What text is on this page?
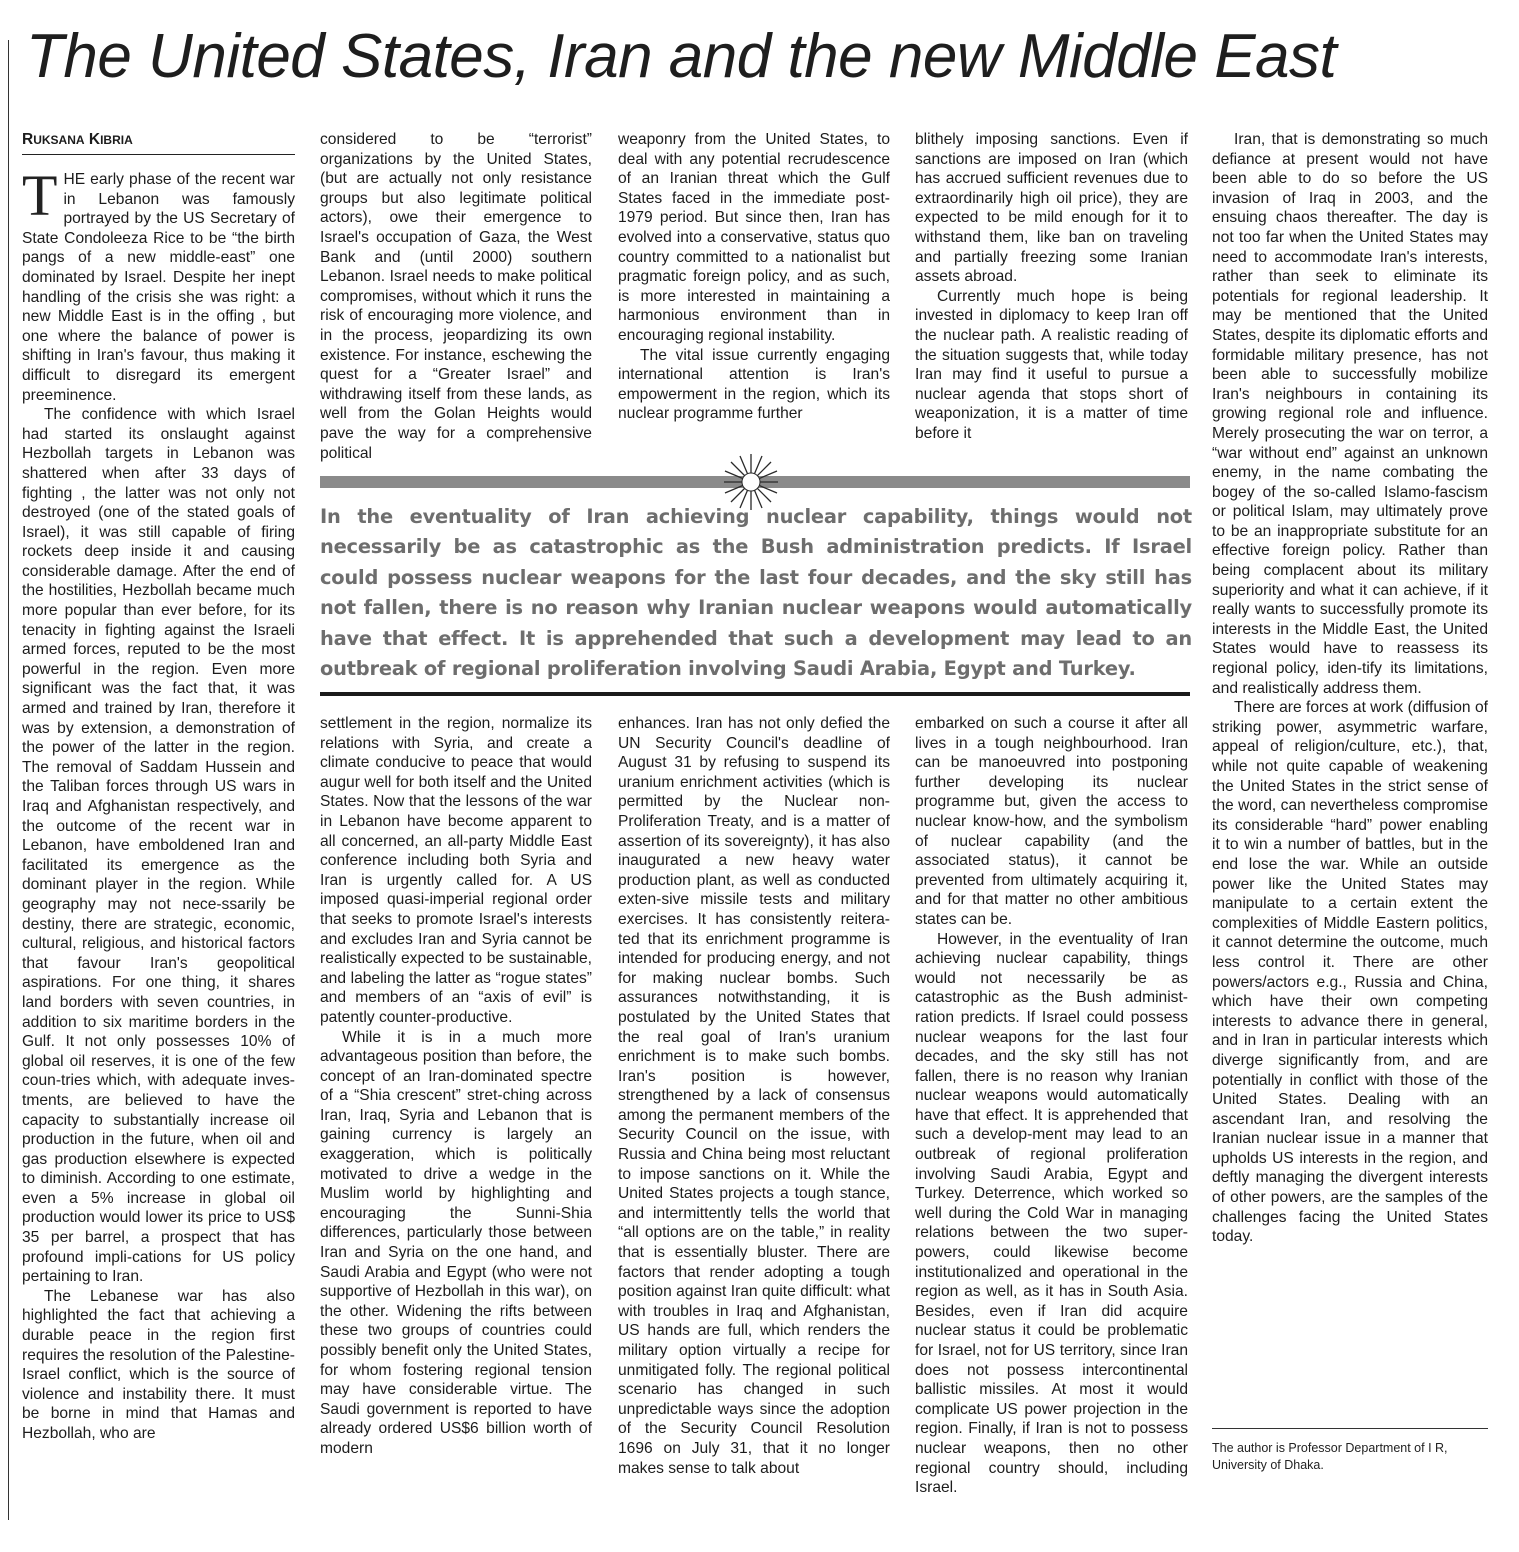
The United States, Iran and the new Middle East
RUKSANA KIBRIA

THE early phase of the recent war in Lebanon was famously portrayed by the US Secretary of State Condoleeza Rice to be “the birth pangs of a new middle-east” one dominated by Israel. Despite her inept handling of the crisis she was right: a new Middle East is in the offing , but one where the balance of power is shifting in Iran's favour, thus making it difficult to disregard its emergent preeminence.

The confidence with which Israel had started its onslaught against Hezbollah targets in Lebanon was shattered when after 33 days of fighting , the latter was not only not destroyed (one of the stated goals of Israel), it was still capable of firing rockets deep inside it and causing considerable damage. After the end of the hostilities, Hezbollah became much more popular than ever before, for its tenacity in fighting against the Israeli armed forces, reputed to be the most powerful in the region. Even more significant was the fact that, it was armed and trained by Iran, therefore it was by extension, a demonstration of the power of the latter in the region. The removal of Saddam Hussein and the Taliban forces through US wars in Iraq and Afghanistan respectively, and the outcome of the recent war in Lebanon, have emboldened Iran and facilitated its emergence as the dominant player in the region. While geography may not nece-ssarily be destiny, there are strategic, economic, cultural, religious, and historical factors that favour Iran's geopolitical aspirations. For one thing, it shares land borders with seven countries, in addition to six maritime borders in the Gulf. It not only possesses 10% of global oil reserves, it is one of the few coun-tries which, with adequate inves-tments, are believed to have the capacity to substantially increase oil production in the future, when oil and gas production elsewhere is expected to diminish. According to one estimate, even a 5% increase in global oil production would lower its price to US$ 35 per barrel, a prospect that has profound impli-cations for US policy pertaining to Iran.

The Lebanese war has also highlighted the fact that achieving a durable peace in the region first requires the resolution of the Palestine-Israel conflict, which is the source of violence and instability there. It must be borne in mind that Hamas and Hezbollah, who are

considered to be “terrorist” organizations by the United States, (but are actually not only resistance groups but also legitimate political actors), owe their emergence to Israel's occupation of Gaza, the West Bank and (until 2000) southern Lebanon. Israel needs to make political compromises, without which it runs the risk of encouraging more violence, and in the process, jeopardizing its own existence. For instance, eschewing the quest for a “Greater Israel” and withdrawing itself from these lands, as well from the Golan Heights would pave the way for a comprehensive political

weaponry from the United States, to deal with any potential recrudescence of an Iranian threat which the Gulf States faced in the immediate post-1979 period. But since then, Iran has evolved into a conservative, status quo country committed to a nationalist but pragmatic foreign policy, and as such, is more interested in maintaining a harmonious environment than in encouraging regional instability.

The vital issue currently engaging international attention is Iran's empowerment in the region, which its nuclear programme further

blithely imposing sanctions. Even if sanctions are imposed on Iran (which has accrued sufficient revenues due to extraordinarily high oil price), they are expected to be mild enough for it to withstand them, like ban on traveling and partially freezing some Iranian assets abroad.

Currently much hope is being invested in diplomacy to keep Iran off the nuclear path. A realistic reading of the situation suggests that, while today Iran may find it useful to pursue a nuclear agenda that stops short of weaponization, it is a matter of time before it

In the eventuality of Iran achieving nuclear capability, things would not necessarily be as catastrophic as the Bush administration predicts. If Israel could possess nuclear weapons for the last four decades, and the sky still has not fallen, there is no reason why Iranian nuclear weapons would automatically have that effect. It is apprehended that such a development may lead to an outbreak of regional proliferation involving Saudi Arabia, Egypt and Turkey.

settlement in the region, normalize its relations with Syria, and create a climate conducive to peace that would augur well for both itself and the United States. Now that the lessons of the war in Lebanon have become apparent to all concerned, an all-party Middle East conference including both Syria and Iran is urgently called for. A US imposed quasi-imperial regional order that seeks to promote Israel's interests and excludes Iran and Syria cannot be realistically expected to be sustainable, and labeling the latter as “rogue states” and members of an “axis of evil” is patently counter-productive.

While it is in a much more advantageous position than before, the concept of an Iran-dominated spectre of a “Shia crescent” stret-ching across Iran, Iraq, Syria and Lebanon that is gaining currency is largely an exaggeration, which is politically motivated to drive a wedge in the Muslim world by highlighting and encouraging the Sunni-Shia differences, particularly those between Iran and Syria on the one hand, and Saudi Arabia and Egypt (who were not supportive of Hezbollah in this war), on the other. Widening the rifts between these two groups of countries could possibly benefit only the United States, for whom fostering regional tension may have considerable virtue. The Saudi government is reported to have already ordered US$6 billion worth of modern

enhances. Iran has not only defied the UN Security Council's deadline of August 31 by refusing to suspend its uranium enrichment activities (which is permitted by the Nuclear non-Proliferation Treaty, and is a matter of assertion of its sovereignty), it has also inaugurated a new heavy water production plant, as well as conducted exten-sive missile tests and military exercises. It has consistently reitera-ted that its enrichment programme is intended for producing energy, and not for making nuclear bombs. Such assurances notwithstanding, it is postulated by the United States that the real goal of Iran's uranium enrichment is to make such bombs. Iran's position is however, strengthened by a lack of consensus among the permanent members of the Security Council on the issue, with Russia and China being most reluctant to impose sanctions on it. While the United States projects a tough stance, and intermittently tells the world that “all options are on the table,” in reality that is essentially bluster. There are factors that render adopting a tough position against Iran quite difficult: what with troubles in Iraq and Afghanistan, US hands are full, which renders the military option virtually a recipe for unmitigated folly. The regional political scenario has changed in such unpredictable ways since the adoption of the Security Council Resolution 1696 on July 31, that it no longer makes sense to talk about

embarked on such a course it after all lives in a tough neighbourhood. Iran can be manoeuvred into postponing further developing its nuclear programme but, given the access to nuclear know-how, and the symbolism of nuclear capability (and the associated status), it cannot be prevented from ultimately acquiring it, and for that matter no other ambitious states can be.

However, in the eventuality of Iran achieving nuclear capability, things would not necessarily be as catastrophic as the Bush administ-ration predicts. If Israel could possess nuclear weapons for the last four decades, and the sky still has not fallen, there is no reason why Iranian nuclear weapons would automatically have that effect. It is apprehended that such a develop-ment may lead to an outbreak of regional proliferation involving Saudi Arabia, Egypt and Turkey. Deterrence, which worked so well during the Cold War in managing relations between the two super-powers, could likewise become institutionalized and operational in the region as well, as it has in South Asia. Besides, even if Iran did acquire nuclear status it could be problematic for Israel, not for US territory, since Iran does not possess intercontinental ballistic missiles. At most it would complicate US power projection in the region. Finally, if Iran is not to possess nuclear weapons, then no other regional country should, including Israel.

Iran, that is demonstrating so much defiance at present would not have been able to do so before the US invasion of Iraq in 2003, and the ensuing chaos thereafter. The day is not too far when the United States may need to accommodate Iran's interests, rather than seek to eliminate its potentials for regional leadership. It may be mentioned that the United States, despite its diplomatic efforts and formidable military presence, has not been able to successfully mobilize Iran's neighbours in containing its growing regional role and influence. Merely prosecuting the war on terror, a “war without end” against an unknown enemy, in the name combating the bogey of the so-called Islamo-fascism or political Islam, may ultimately prove to be an inappropriate substitute for an effective foreign policy. Rather than being complacent about its military superiority and what it can achieve, if it really wants to successfully promote its interests in the Middle East, the United States would have to reassess its regional policy, iden-tify its limitations, and realistically address them.

There are forces at work (diffusion of striking power, asymmetric warfare, appeal of religion/culture, etc.), that, while not quite capable of weakening the United States in the strict sense of the word, can nevertheless compromise its considerable “hard” power enabling it to win a number of battles, but in the end lose the war. While an outside power like the United States may manipulate to a certain extent the complexities of Middle Eastern politics, it cannot determine the outcome, much less control it. There are other powers/actors e.g., Russia and China, which have their own competing interests to advance there in general, and in Iran in particular interests which diverge significantly from, and are potentially in conflict with those of the United States. Dealing with an ascendant Iran, and resolving the Iranian nuclear issue in a manner that upholds US interests in the region, and deftly managing the divergent interests of other powers, are the samples of the challenges facing the United States today.

The author is Professor Department of I R, University of Dhaka.
